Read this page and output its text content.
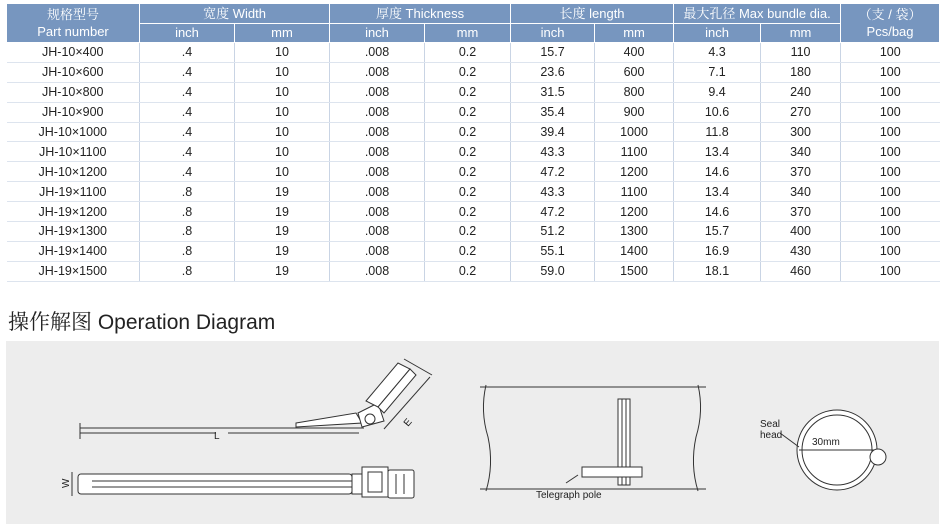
规格型号
Part number	宽度 Width		厚度 Thickness		长度 length		最大孔径 Max bundle dia.		（支 / 袋）
Pcs/bag
	inch	mm	inch	mm	inch	mm	inch	mm	
JH-10×400	.4	10	.008	0.2	15.7	400	4.3	110	100
JH-10×600	.4	10	.008	0.2	23.6	600	7.1	180	100
JH-10×800	.4	10	.008	0.2	31.5	800	9.4	240	100
JH-10×900	.4	10	.008	0.2	35.4	900	10.6	270	100
JH-10×1000	.4	10	.008	0.2	39.4	1000	11.8	300	100
JH-10×1100	.4	10	.008	0.2	43.3	1100	13.4	340	100
JH-10×1200	.4	10	.008	0.2	47.2	1200	14.6	370	100
JH-19×1100	.8	19	.008	0.2	43.3	1100	13.4	340	100
JH-19×1200	.8	19	.008	0.2	47.2	1200	14.6	370	100
JH-19×1300	.8	19	.008	0.2	51.2	1300	15.7	400	100
JH-19×1400	.8	19	.008	0.2	55.1	1400	16.9	430	100
JH-19×1500	.8	19	.008	0.2	59.0	1500	18.1	460	100
操作解图 Operation Diagram
L
E
W
Telegraph pole
Seal
head
30mm
